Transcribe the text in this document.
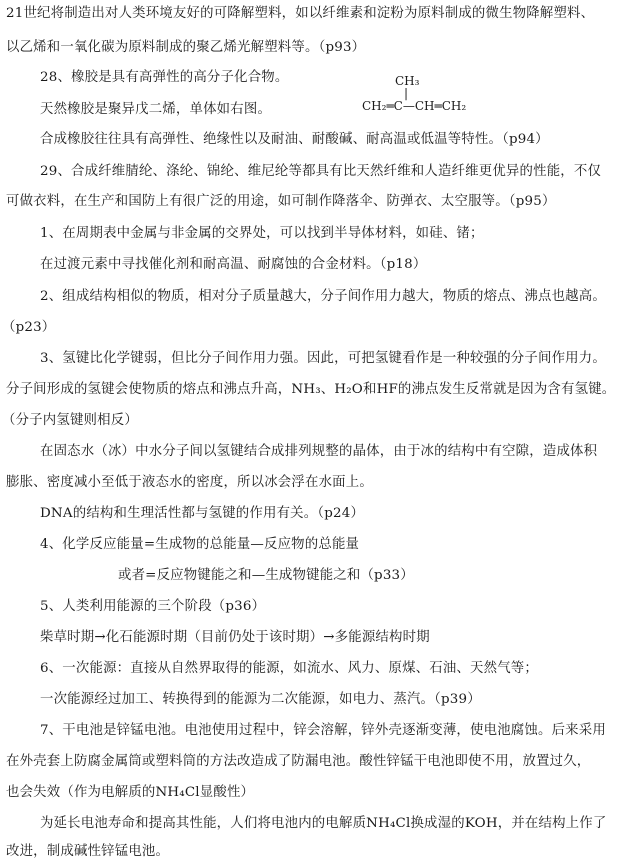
21世纪将制造出对人类环境友好的可降解塑料，如以纤维素和淀粉为原料制成的微生物降解塑料、
以乙烯和一氧化碳为原料制成的聚乙烯光解塑料等。（p93）
28、橡胶是具有高弹性的高分子化合物。
天然橡胶是聚异戊二烯，单体如右图。
合成橡胶往往具有高弹性、绝缘性以及耐油、耐酸碱、耐高温或低温等特性。（p94）
29、合成纤维腈纶、涤纶、锦纶、维尼纶等都具有比天然纤维和人造纤维更优异的性能，不仅
可做衣料，在生产和国防上有很广泛的用途，如可制作降落伞、防弹衣、太空服等。（p95）
1、在周期表中金属与非金属的交界处，可以找到半导体材料，如硅、锗；
在过渡元素中寻找催化剂和耐高温、耐腐蚀的合金材料。（p18）
2、组成结构相似的物质，相对分子质量越大，分子间作用力越大，物质的熔点、沸点也越高。
（p23）
3、氢键比化学键弱，但比分子间作用力强。因此，可把氢键看作是一种较强的分子间作用力。
分子间形成的氢键会使物质的熔点和沸点升高，NH₃、H₂O和HF的沸点发生反常就是因为含有氢键。
（分子内氢键则相反）
在固态水（冰）中水分子间以氢键结合成排列规整的晶体，由于冰的结构中有空隙，造成体积
膨胀、密度减小至低于液态水的密度，所以冰会浮在水面上。
DNA的结构和生理活性都与氢键的作用有关。（p24）
4、化学反应能量=生成物的总能量—反应物的总能量
或者=反应物键能之和—生成物键能之和（p33）
5、人类利用能源的三个阶段（p36）
柴草时期→化石能源时期（目前仍处于该时期）→多能源结构时期
6、一次能源：直接从自然界取得的能源，如流水、风力、原煤、石油、天然气等；
一次能源经过加工、转换得到的能源为二次能源，如电力、蒸汽。（p39）
7、干电池是锌锰电池。电池使用过程中，锌会溶解，锌外壳逐渐变薄，使电池腐蚀。后来采用
在外壳套上防腐金属筒或塑料筒的方法改造成了防漏电池。酸性锌锰干电池即使不用，放置过久，
也会失效（作为电解质的NH₄Cl显酸性）
为延长电池寿命和提高其性能，人们将电池内的电解质NH₄Cl换成湿的KOH，并在结构上作了
改进，制成碱性锌锰电池。
CH₃
|
CH₂═C—CH═CH₂
